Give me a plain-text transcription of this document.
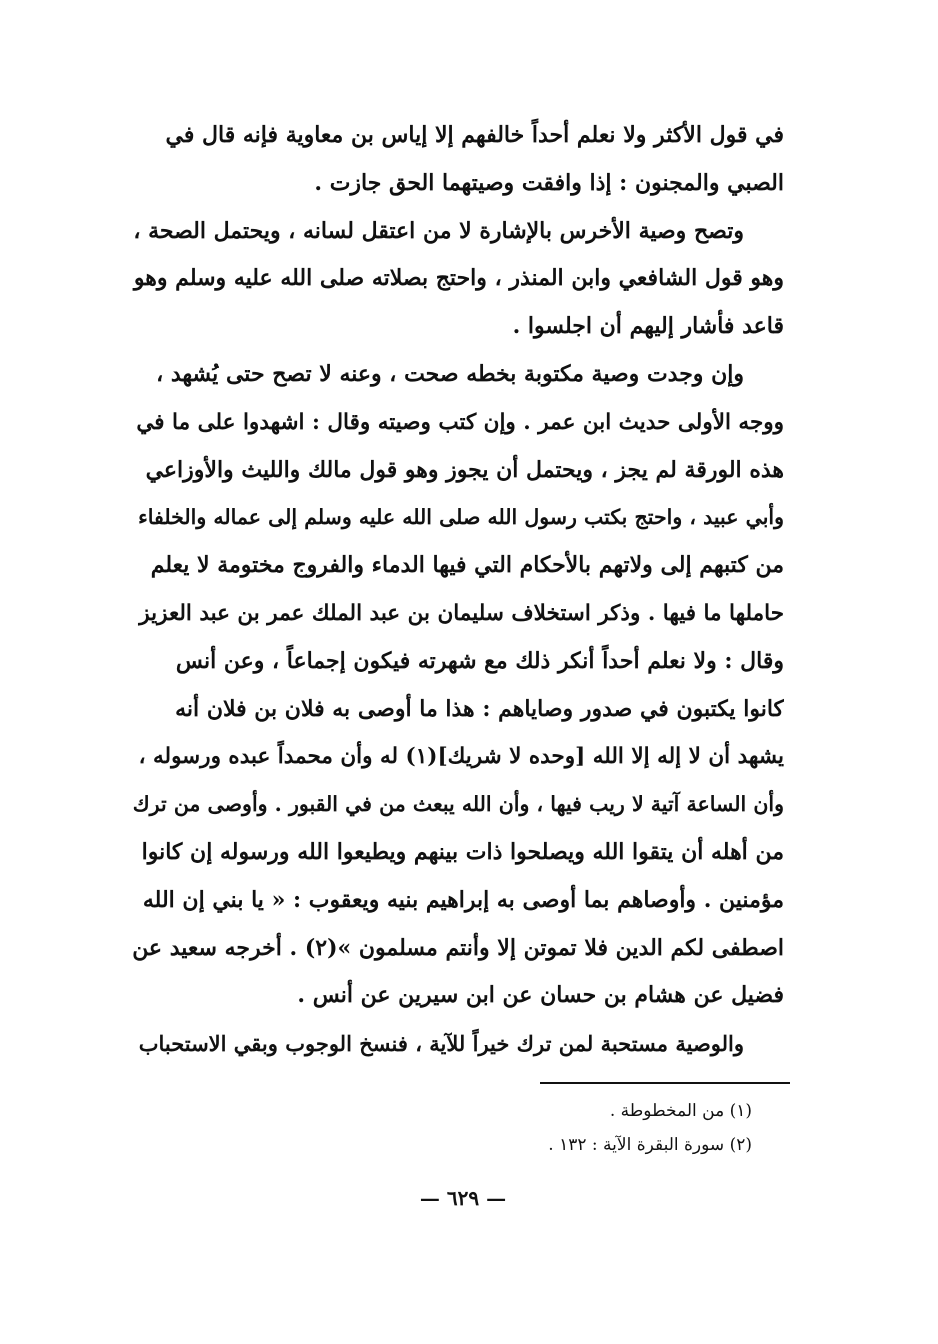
في قول الأكثر ولا نعلم أحداً خالفهم إلا إياس بن معاوية فإنه قال في
الصبي والمجنون : إذا وافقت وصيتهما الحق جازت .
وتصح وصية الأخرس بالإشارة لا من اعتقل لسانه ، ويحتمل الصحة ،
وهو قول الشافعي وابن المنذر ، واحتج بصلاته صلى الله عليه وسلم وهو
قاعد فأشار إليهم أن اجلسوا .
وإن وجدت وصية مكتوبة بخطه صحت ، وعنه لا تصح حتى يُشهد ،
ووجه الأولى حديث ابن عمر . وإن كتب وصيته وقال : اشهدوا على ما في
هذه الورقة لم يجز ، ويحتمل أن يجوز وهو قول مالك والليث والأوزاعي
وأبي عبيد ، واحتج بكتب رسول الله صلى الله عليه وسلم إلى عماله والخلفاء
من كتبهم إلى ولاتهم بالأحكام التي فيها الدماء والفروج مختومة لا يعلم
حاملها ما فيها . وذكر استخلاف سليمان بن عبد الملك عمر بن عبد العزيز
وقال : ولا نعلم أحداً أنكر ذلك مع شهرته فيكون إجماعاً ، وعن أنس
كانوا يكتبون في صدور وصاياهم : هذا ما أوصى به فلان بن فلان أنه
يشهد أن لا إله إلا الله [وحده لا شريك](١) له وأن محمداً عبده ورسوله ،
وأن الساعة آتية لا ريب فيها ، وأن الله يبعث من في القبور . وأوصى من ترك
من أهله أن يتقوا الله ويصلحوا ذات بينهم ويطيعوا الله ورسوله إن كانوا
مؤمنين . وأوصاهم بما أوصى به إبراهيم بنيه ويعقوب : « يا بني إن الله
اصطفى لكم الدين فلا تموتن إلا وأنتم مسلمون »(٢) . أخرجه سعيد عن
فضيل عن هشام بن حسان عن ابن سيرين عن أنس .
والوصية مستحبة لمن ترك خيراً للآية ، فنسخ الوجوب وبقي الاستحباب
(١) من المخطوطة .
(٢) سورة البقرة الآية : ١٣٢ .
— ٦٢٩ —
